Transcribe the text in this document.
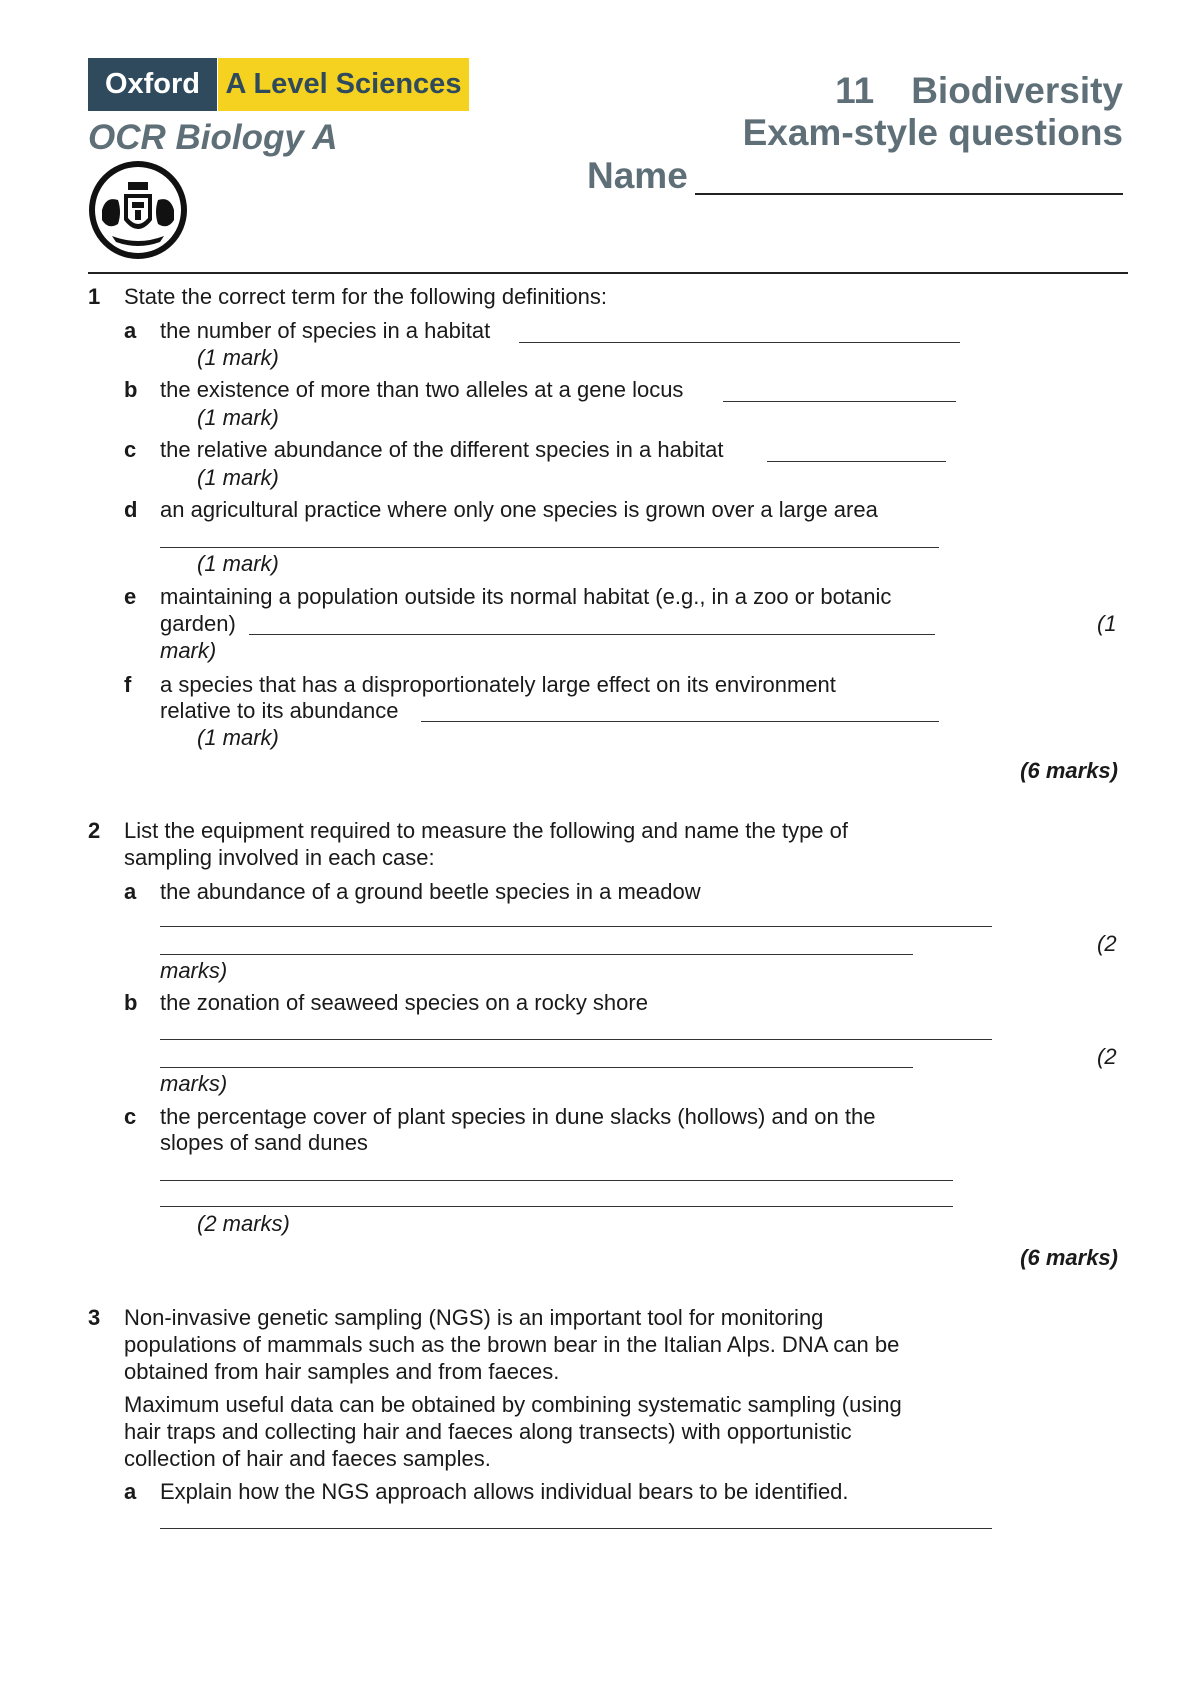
Oxford A Level Sciences
OCR Biology A
11 Biodiversity
Exam-style questions
Name
1 State the correct term for the following definitions:
a the number of species in a habitat
(1 mark)
b the existence of more than two alleles at a gene locus
(1 mark)
c the relative abundance of the different species in a habitat
(1 mark)
d an agricultural practice where only one species is grown over a large area
(1 mark)
e maintaining a population outside its normal habitat (e.g., in a zoo or botanic
garden)	(1
mark)
f a species that has a disproportionately large effect on its environment
relative to its abundance
(1 mark)
(6 marks)
2 List the equipment required to measure the following and name the type of
sampling involved in each case:
a the abundance of a ground beetle species in a meadow
(2
marks)
b the zonation of seaweed species on a rocky shore
(2
marks)
c the percentage cover of plant species in dune slacks (hollows) and on the
slopes of sand dunes
(2 marks)
(6 marks)
3 Non-invasive genetic sampling (NGS) is an important tool for monitoring
populations of mammals such as the brown bear in the Italian Alps. DNA can be
obtained from hair samples and from faeces.
Maximum useful data can be obtained by combining systematic sampling (using
hair traps and collecting hair and faeces along transects) with opportunistic
collection of hair and faeces samples.
a Explain how the NGS approach allows individual bears to be identified.
